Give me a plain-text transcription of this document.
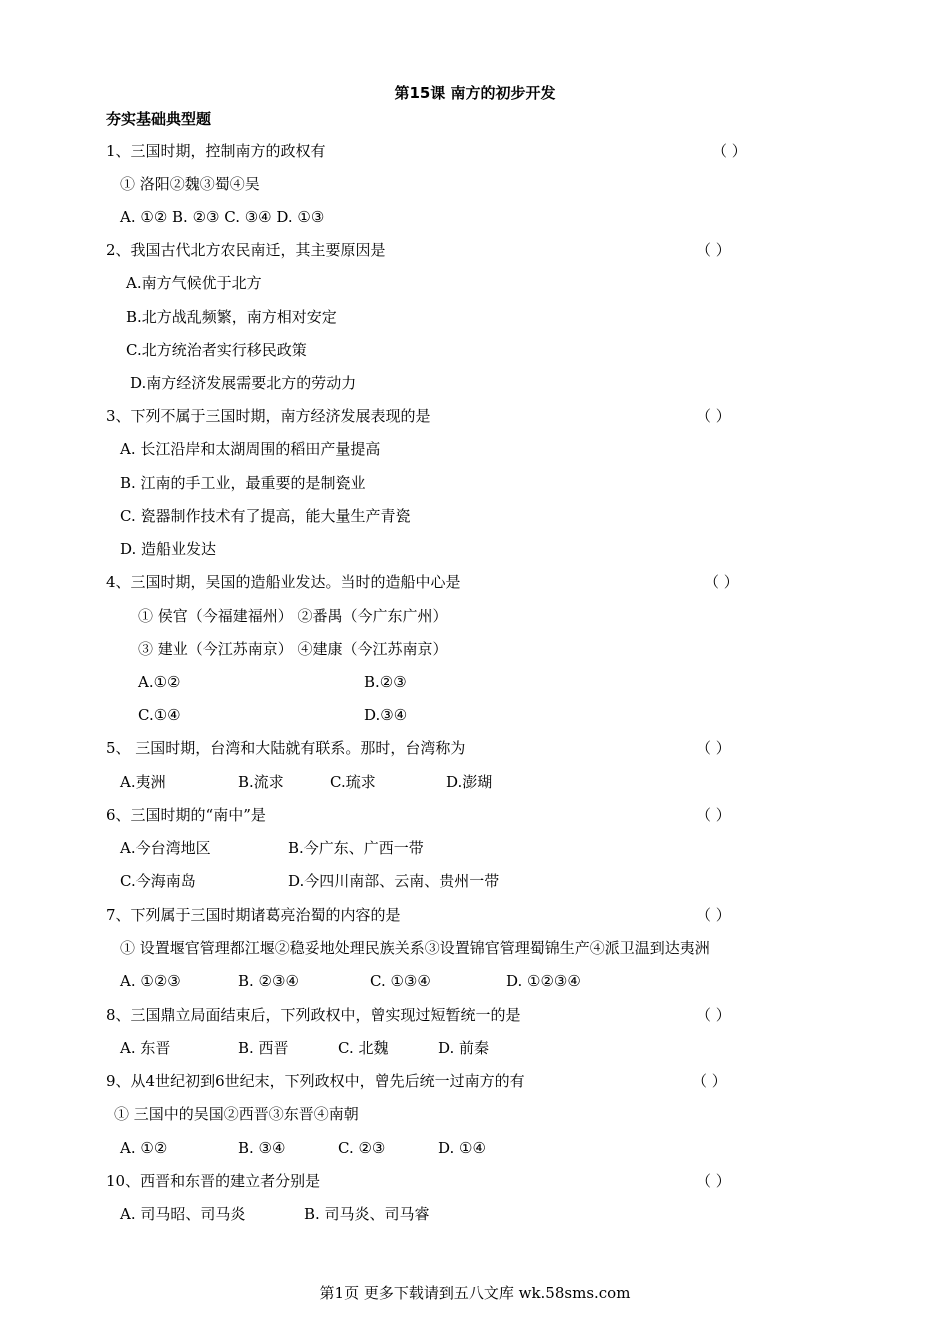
第15课 南方的初步开发
夯实基础典型题
1、三国时期，控制南方的政权有	（ ）
① 洛阳②魏③蜀④吴
A. ①② B. ②③ C. ③④ D. ①③
2、我国古代北方农民南迁，其主要原因是	（ ）
A.南方气候优于北方
B.北方战乱频繁，南方相对安定
C.北方统治者实行移民政策
D.南方经济发展需要北方的劳动力
3、下列不属于三国时期，南方经济发展表现的是	（ ）
A. 长江沿岸和太湖周围的稻田产量提高
B. 江南的手工业，最重要的是制瓷业
C. 瓷器制作技术有了提高，能大量生产青瓷
D. 造船业发达
4、三国时期，吴国的造船业发达。当时的造船中心是	（ ）
① 侯官（今福建福州） ②番禺（今广东广州）
③ 建业（今江苏南京） ④建康（今江苏南京）
A.①②	B.②③
C.①④	D.③④
5、 三国时期，台湾和大陆就有联系。那时，台湾称为	（ ）
A.夷洲	B.流求	C.琉求	D.澎瑚
6、三国时期的“南中”是	（ ）
A.今台湾地区	B.今广东、广西一带
C.今海南岛	D.今四川南部、云南、贵州一带
7、下列属于三国时期诸葛亮治蜀的内容的是	（ ）
① 设置堰官管理都江堰②稳妥地处理民族关系③设置锦官管理蜀锦生产④派卫温到达夷洲
A. ①②③	B. ②③④	C. ①③④	D. ①②③④
8、三国鼎立局面结束后，下列政权中，曾实现过短暂统一的是	（ ）
A. 东晋	B. 西晋	C. 北魏	D. 前秦
9、从4世纪初到6世纪末，下列政权中，曾先后统一过南方的有	（ ）
① 三国中的吴国②西晋③东晋④南朝
A. ①②	B. ③④	C. ②③	D. ①④
10、西晋和东晋的建立者分别是	（ ）
A. 司马昭、司马炎	B. 司马炎、司马睿
第1页 更多下载请到五八文库 wk.58sms.com
